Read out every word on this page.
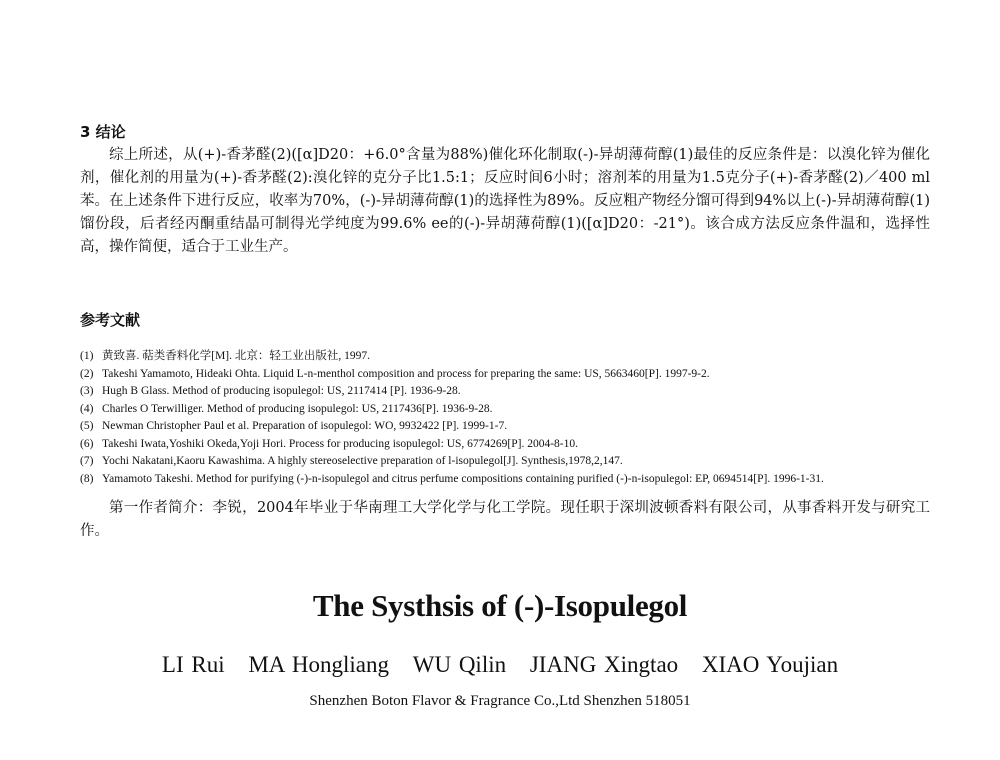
3 结论

综上所述，从(+)-香茅醛(2)([α]D20：+6.0°含量为88%)催化环化制取(-)-异胡薄荷醇(1)最佳的反应条件是：以溴化锌为催化剂，催化剂的用量为(+)-香茅醛(2):溴化锌的克分子比1.5:1；反应时间6小时；溶剂苯的用量为1.5克分子(+)-香茅醛(2)／400 ml苯。在上述条件下进行反应，收率为70%，(-)-异胡薄荷醇(1)的选择性为89%。反应粗产物经分馏可得到94%以上(-)-异胡薄荷醇(1)馏份段，后者经丙酮重结晶可制得光学纯度为99.6% ee的(-)-异胡薄荷醇(1)([α]D20：-21°)。该合成方法反应条件温和，选择性高，操作简便，适合于工业生产。

参考文献
(1) 黄致喜. 萜类香料化学[M]. 北京：轻工业出版社, 1997.
(2) Takeshi Yamamoto, Hideaki Ohta. Liquid L-n-menthol composition and process for preparing the same: US, 5663460[P]. 1997-9-2.
(3) Hugh B Glass. Method of producing isopulegol: US, 2117414 [P]. 1936-9-28.
(4) Charles O Terwilliger. Method of producing isopulegol: US, 2117436[P]. 1936-9-28.
(5) Newman Christopher Paul et al. Preparation of isopulegol: WO, 9932422 [P]. 1999-1-7.
(6) Takeshi Iwata,Yoshiki Okeda,Yoji Hori. Process for producing isopulegol: US, 6774269[P]. 2004-8-10.
(7) Yochi Nakatani,Kaoru Kawashima. A highly stereoselective preparation of l-isopulegol[J]. Synthesis,1978,2,147.
(8) Yamamoto Takeshi. Method for purifying (-)-n-isopulegol and citrus perfume compositions containing purified (-)-n-isopulegol: EP, 0694514[P]. 1996-1-31.

第一作者简介：李锐，2004年毕业于华南理工大学化学与化工学院。现任职于深圳波顿香料有限公司，从事香料开发与研究工作。

The Systhsis of (-)-Isopulegol
LI Rui MA Hongliang WU Qilin JIANG Xingtao XIAO Youjian
Shenzhen Boton Flavor & Fragrance Co.,Ltd Shenzhen 518051
